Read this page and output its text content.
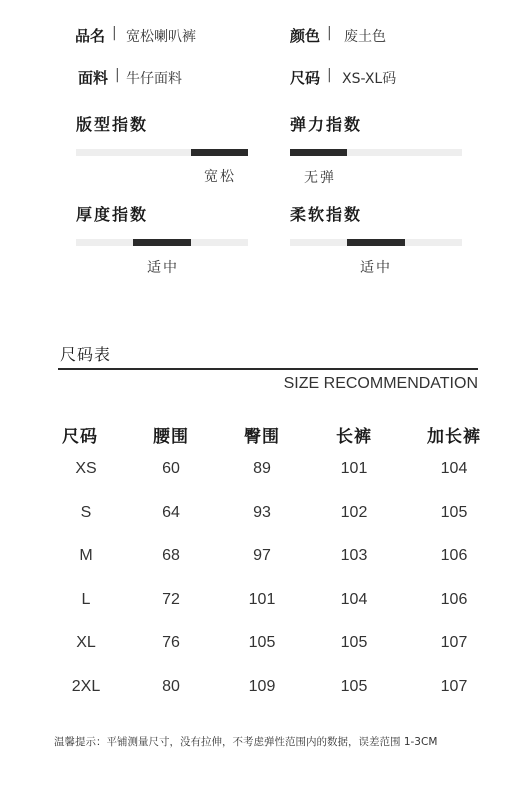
品名 | 宽松喇叭裤	颜色 | 废土色
面料 | 牛仔面料	尺码 | XS-XL码
版型指数
宽松
弹力指数
无弹
厚度指数
适中
柔软指数
适中
尺码表
SIZE RECOMMENDATION
尺码	腰围	臀围	长裤	加长裤
XS	60	89	101	104
S	64	93	102	105
M	68	97	103	106
L	72	101	104	106
XL	76	105	105	107
2XL	80	109	105	107
温馨提示：平铺测量尺寸，没有拉伸，不考虑弹性范围内的数据，误差范围 1-3CM
